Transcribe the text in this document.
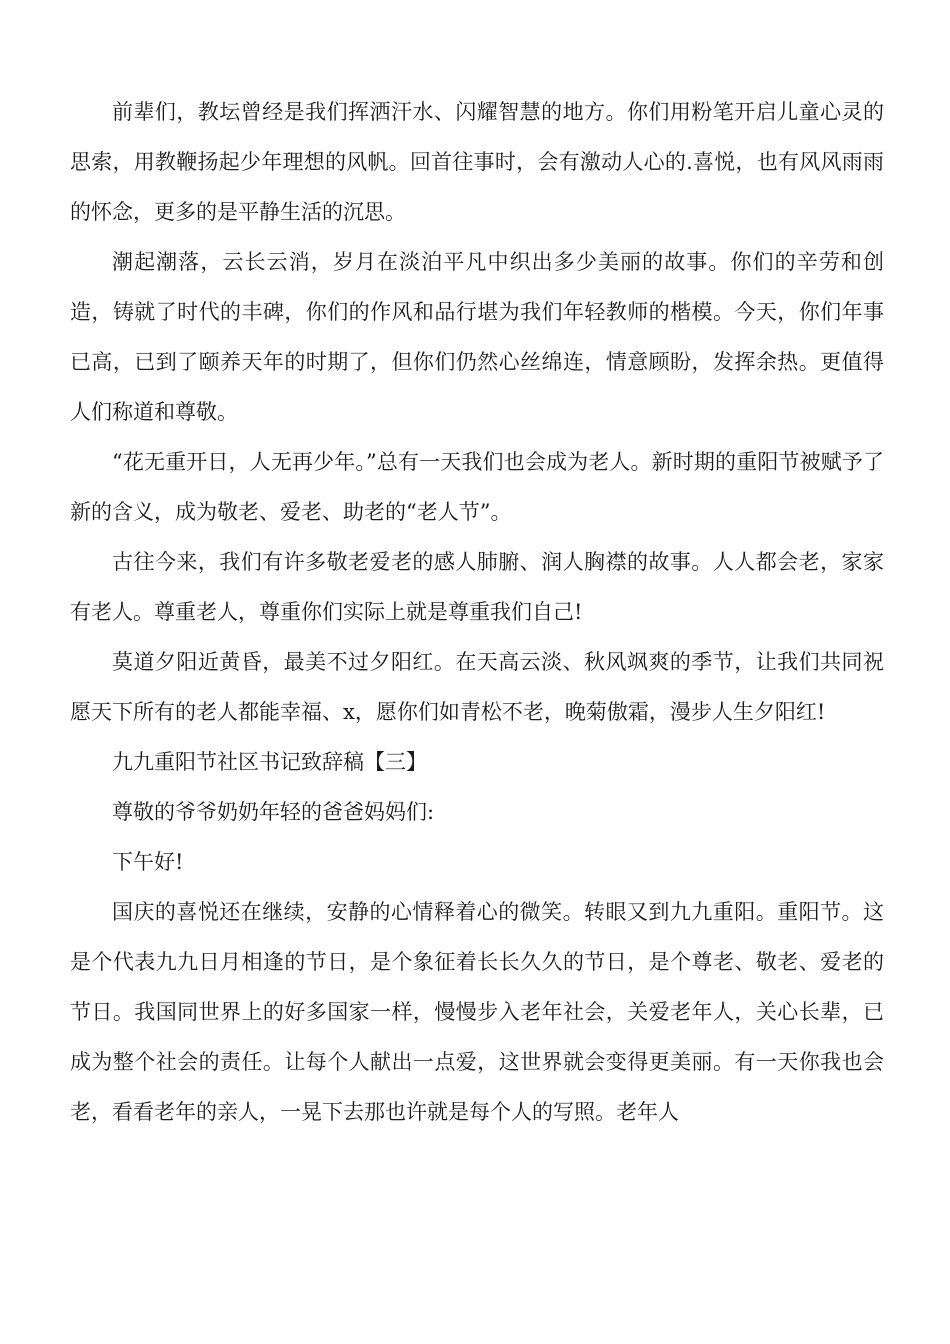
前辈们，教坛曾经是我们挥洒汗水、闪耀智慧的地方。你们用粉笔开启儿童心灵的思索，用教鞭扬起少年理想的风帆。回首往事时，会有激动人心的.喜悦，也有风风雨雨的怀念，更多的是平静生活的沉思。

潮起潮落，云长云消，岁月在淡泊平凡中织出多少美丽的故事。你们的辛劳和创造，铸就了时代的丰碑，你们的作风和品行堪为我们年轻教师的楷模。今天，你们年事已高，已到了颐养天年的时期了，但你们仍然心丝绵连，情意顾盼，发挥余热。更值得人们称道和尊敬。

“花无重开日，人无再少年。”总有一天我们也会成为老人。新时期的重阳节被赋予了新的含义，成为敬老、爱老、助老的“老人节”。

古往今来，我们有许多敬老爱老的感人肺腑、润人胸襟的故事。人人都会老，家家有老人。尊重老人，尊重你们实际上就是尊重我们自己!

莫道夕阳近黄昏，最美不过夕阳红。在天高云淡、秋风飒爽的季节，让我们共同祝愿天下所有的老人都能幸福、x，愿你们如青松不老，晚菊傲霜，漫步人生夕阳红!

九九重阳节社区书记致辞稿【三】

尊敬的爷爷奶奶年轻的爸爸妈妈们:

下午好!

国庆的喜悦还在继续，安静的心情释着心的微笑。转眼又到九九重阳。重阳节。这是个代表九九日月相逢的节日，是个象征着长长久久的节日，是个尊老、敬老、爱老的节日。我国同世界上的好多国家一样，慢慢步入老年社会，关爱老年人，关心长辈，已成为整个社会的责任。让每个人献出一点爱，这世界就会变得更美丽。有一天你我也会老，看看老年的亲人，一晃下去那也许就是每个人的写照。老年人
